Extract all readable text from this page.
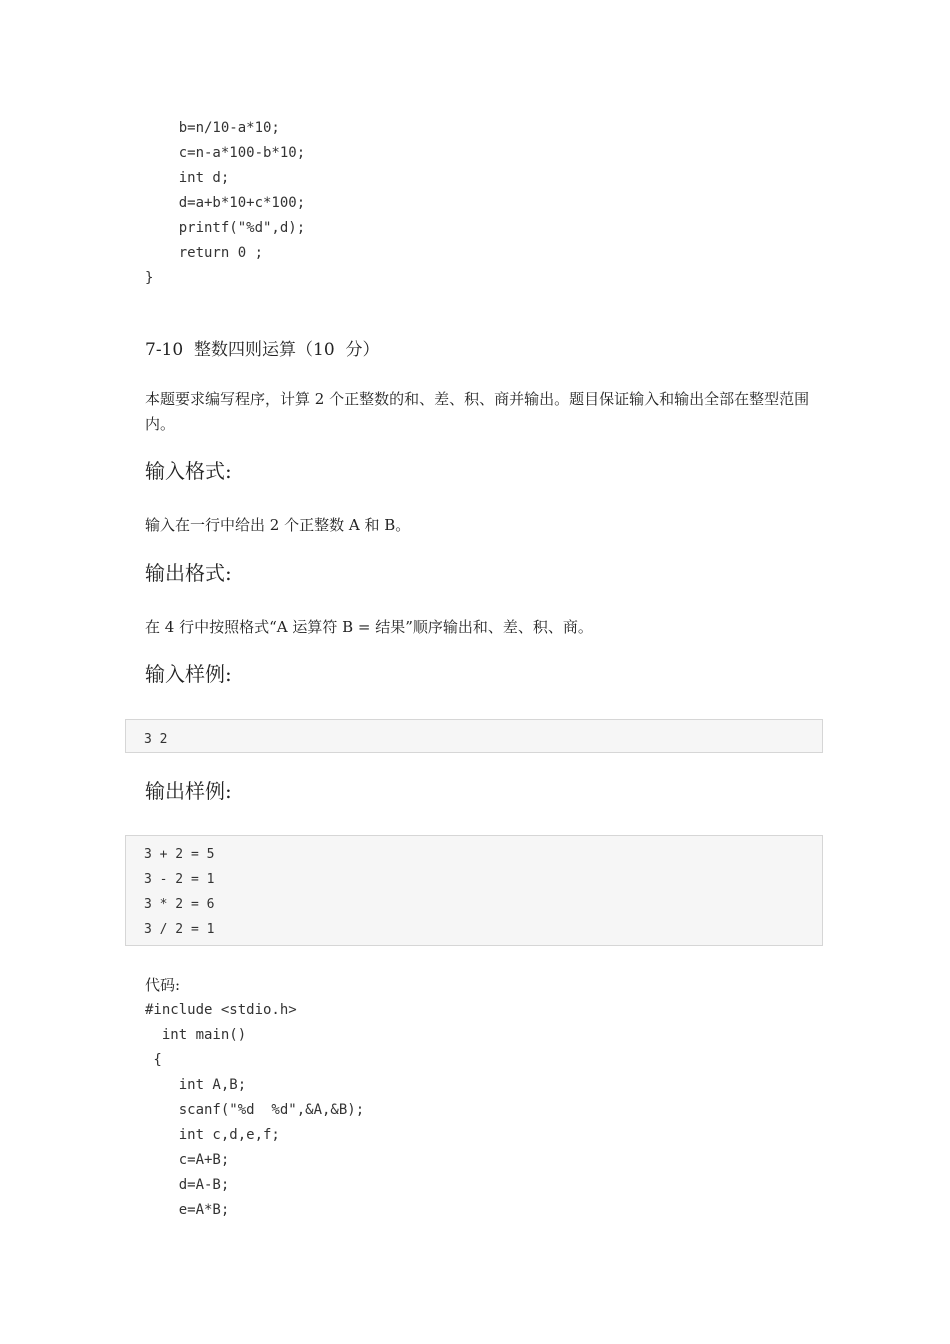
b=n/10-a*10;
c=n-a*100-b*10;
int d;
d=a+b*10+c*100;
printf("%d",d);
return 0 ;
}
7-10  整数四则运算（10  分）
本题要求编写程序，计算 2 个正整数的和、差、积、商并输出。题目保证输入和输出全部在整型范围内。
输入格式:
输入在一行中给出 2 个正整数 A 和 B。
输出格式:
在 4 行中按照格式“A 运算符 B = 结果”顺序输出和、差、积、商。
输入样例:
3 2
输出样例:
3 + 2 = 5
3 - 2 = 1
3 * 2 = 6
3 / 2 = 1
代码:
#include <stdio.h>
int main()
{
int A,B;
scanf("%d  %d",&A,&B);
int c,d,e,f;
c=A+B;
d=A-B;
e=A*B;
